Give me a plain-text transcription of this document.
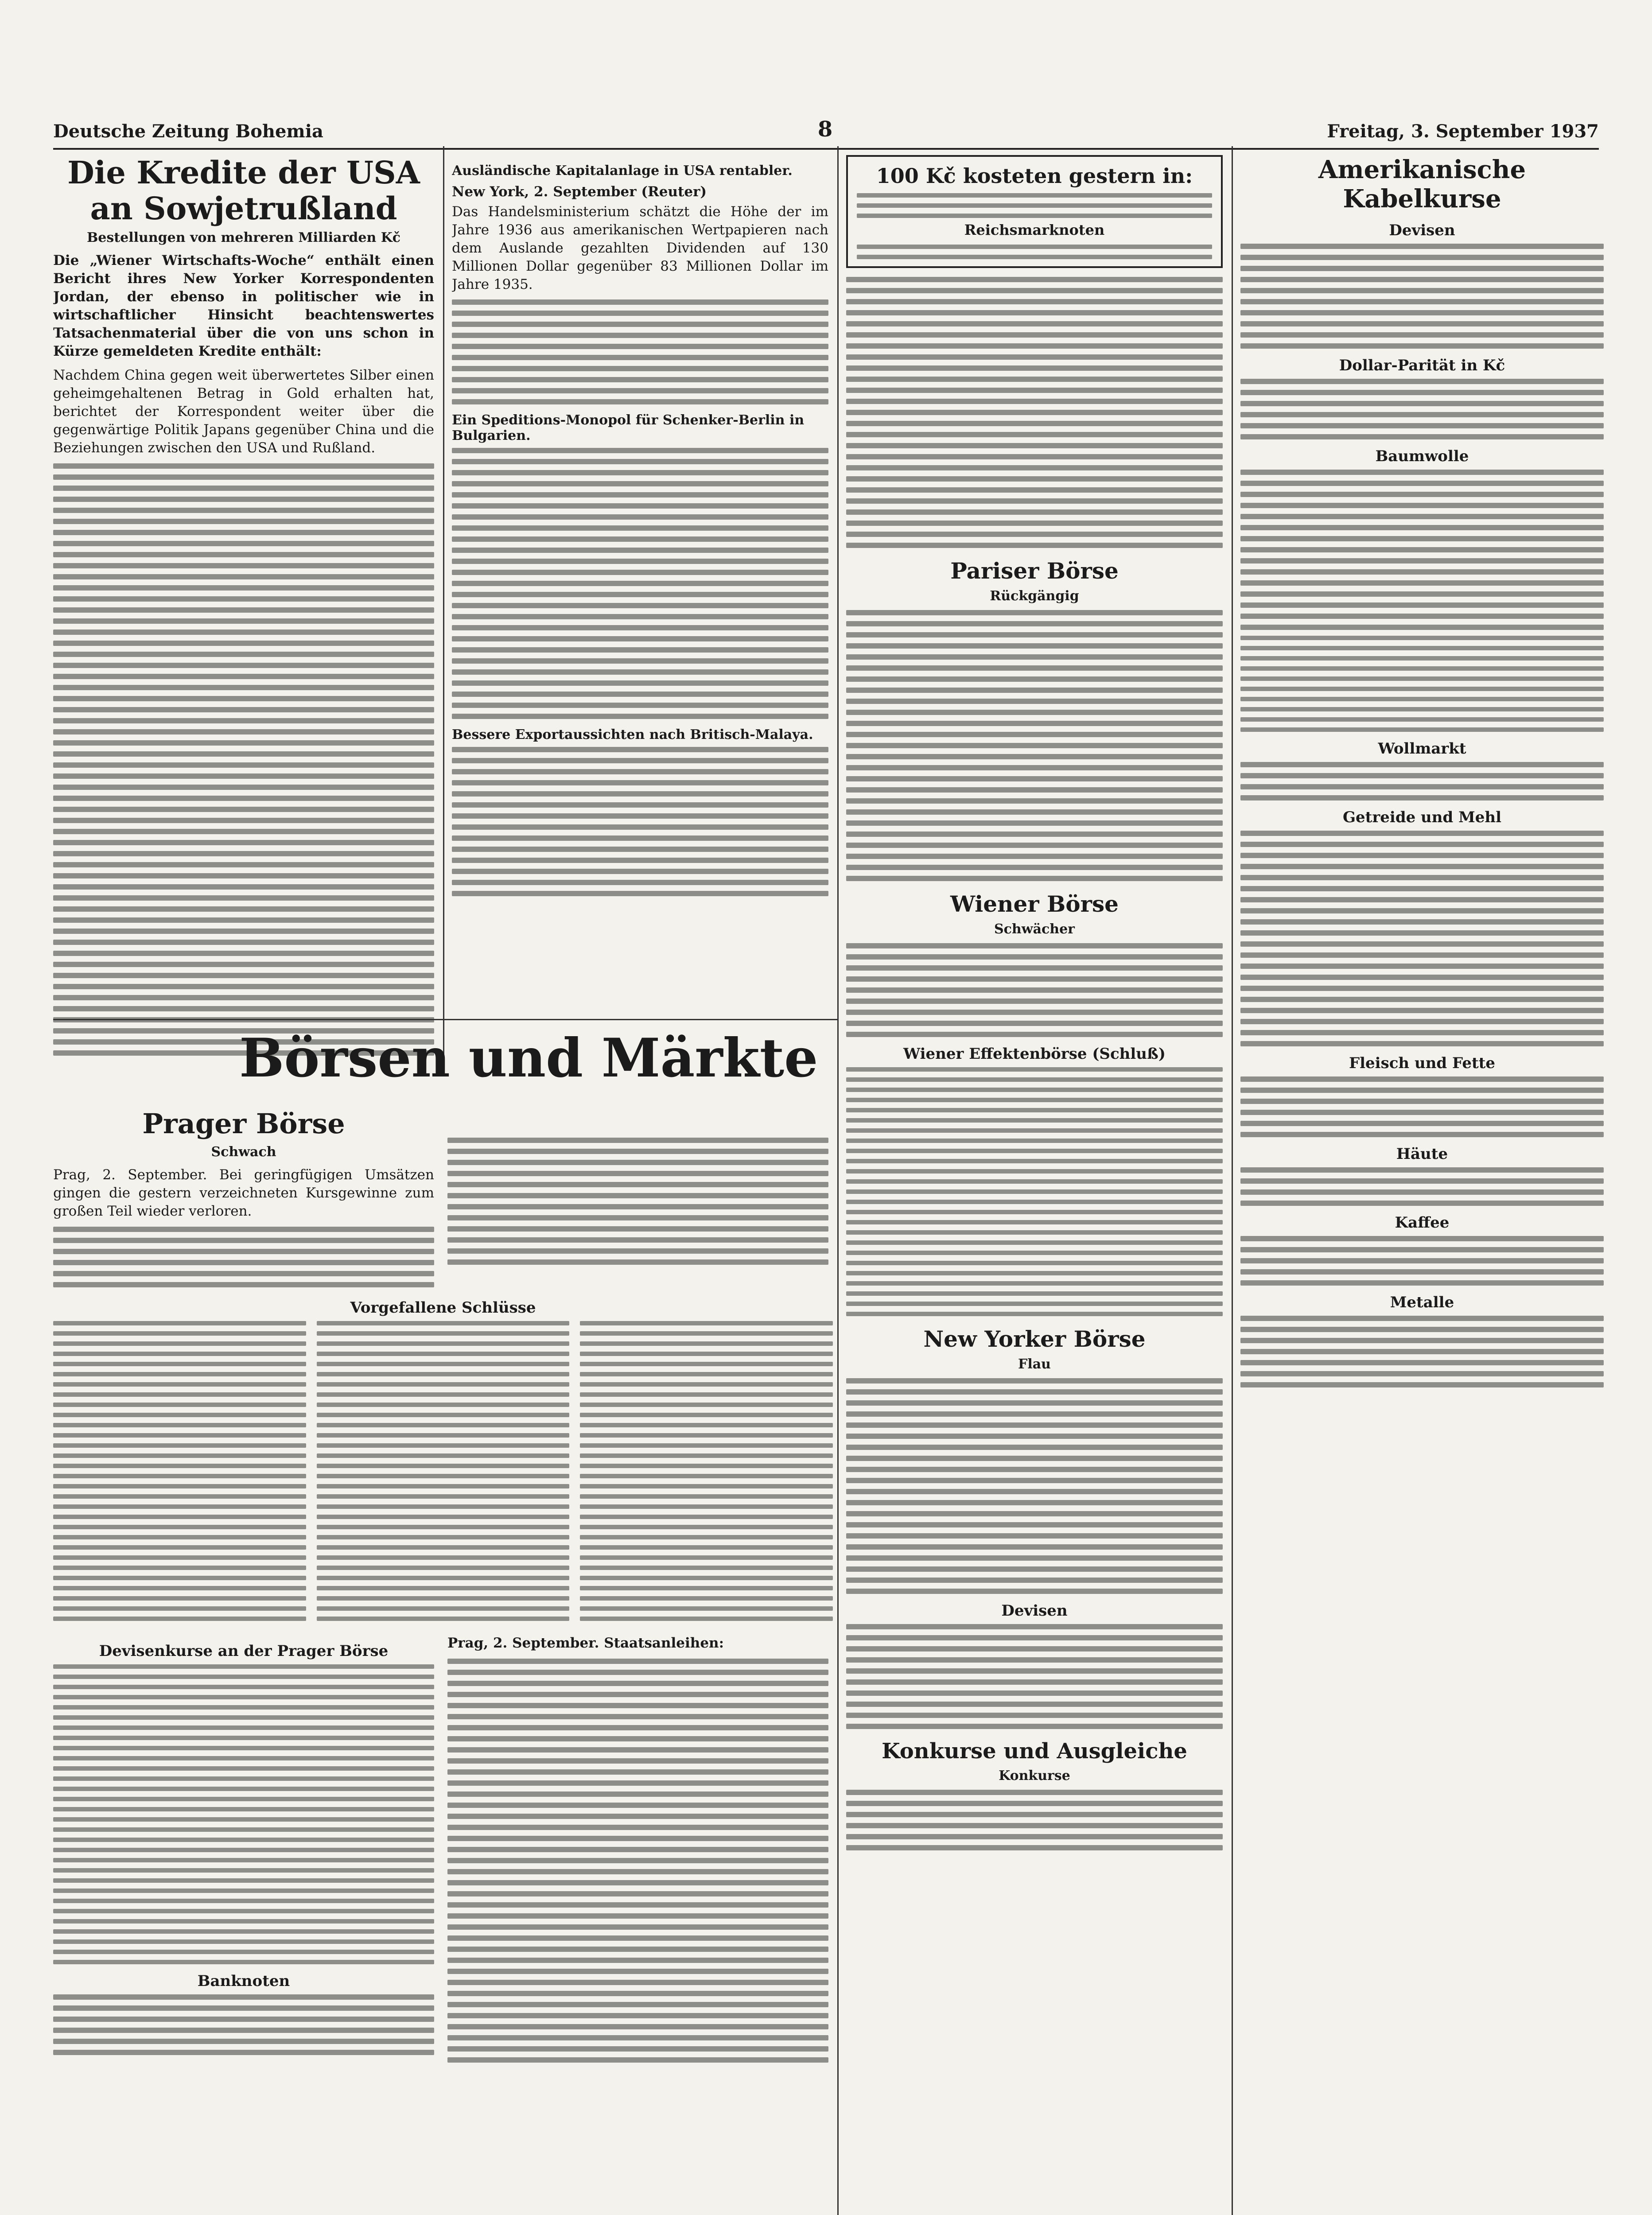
Deutsche Zeitung Bohemia	8	Freitag, 3. September 1937
Die Kredite der USA an Sowjetrußland
Bestellungen von mehreren Milliarden Kč

Die „Wiener Wirtschafts-Woche“ enthält einen Bericht ihres New Yorker Korrespondenten Jordan, der ebenso in politischer wie in wirtschaftlicher Hinsicht beachtenswertes Tatsachenmaterial über die von uns schon in Kürze gemeldeten Kredite enthält:

Nachdem China gegen weit überwertetes Silber einen geheimgehaltenen Betrag in Gold erhalten hat, berichtet der Korrespondent weiter über die gegenwärtige Politik Japans gegenüber China und die Beziehungen zwischen den USA und Rußland.

Ausländische Kapitalanlage in USA rentabler.

New York, 2. September (Reuter)

Das Handelsministerium schätzt die Höhe der im Jahre 1936 aus amerikanischen Wertpapieren nach dem Auslande gezahlten Dividenden auf 130 Millionen Dollar gegenüber 83 Millionen Dollar im Jahre 1935.

Ein Speditions-Monopol für Schenker-Berlin in Bulgarien.
Bessere Exportaussichten nach Britisch-Malaya.
Börsen und Märkte
Prager Börse
Schwach

Prag, 2. September. Bei geringfügigen Umsätzen gingen die gestern verzeichneten Kursgewinne zum großen Teil wieder verloren.

Vorgefallene Schlüsse
Devisenkurse an der Prager Börse
Banknoten

Prag, 2. September. Staatsanleihen:

100 Kč kosteten gestern in:
Reichsmarknoten
Pariser Börse
Rückgängig
Wiener Börse
Schwächer
Wiener Effektenbörse (Schluß)
New Yorker Börse
Flau
Devisen
Konkurse und Ausgleiche
Konkurse
Amerikanische Kabelkurse
Devisen
Dollar-Parität in Kč
Baumwolle
Wollmarkt
Getreide und Mehl
Fleisch und Fette
Häute
Kaffee
Metalle
